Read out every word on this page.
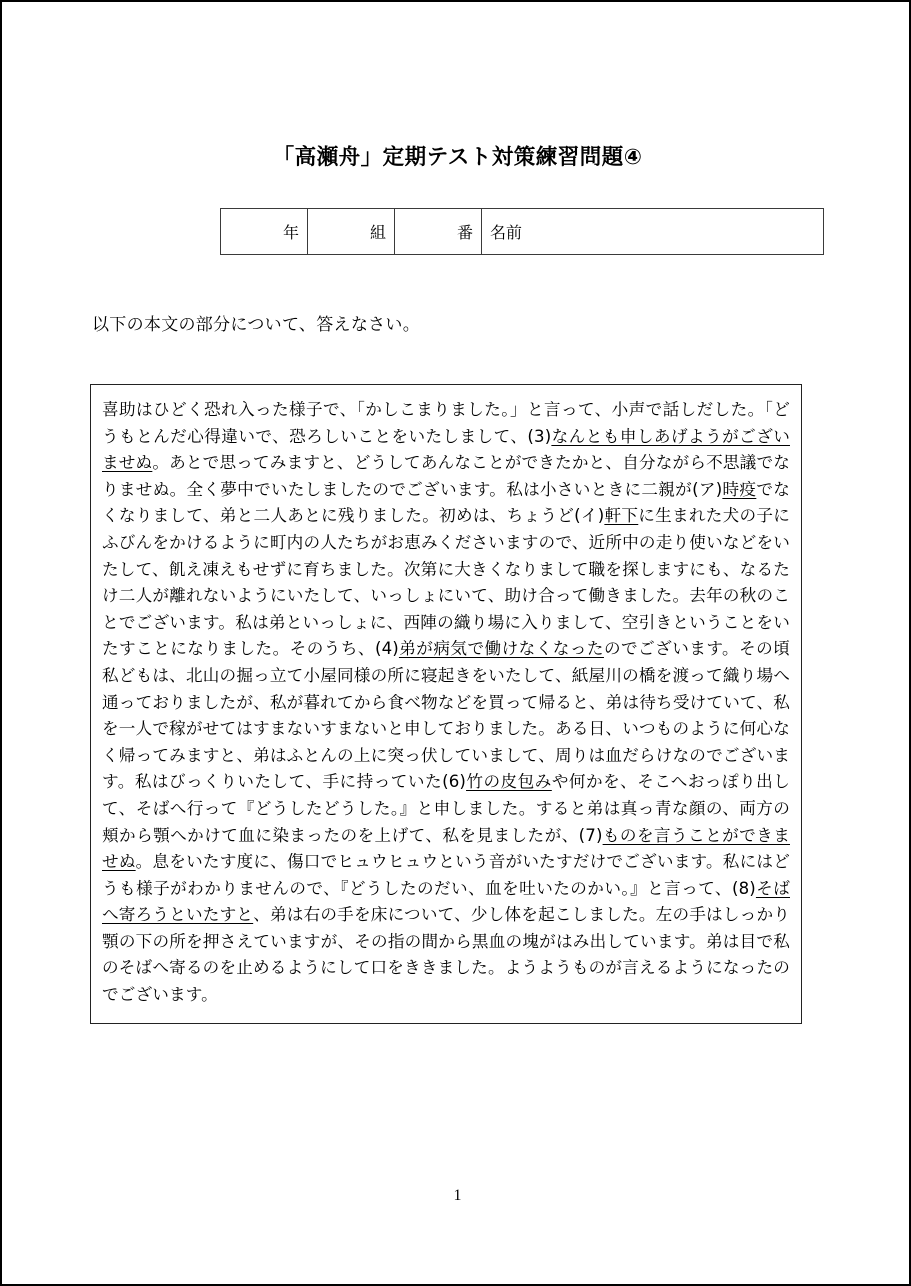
「高瀬舟」定期テスト対策練習問題④
年	組	番	名前
以下の本文の部分について、答えなさい。

喜助はひどく恐れ入った様子で、「かしこまりました。」と言って、小声で話しだした。「どうもとんだ心得違いで、恐ろしいことをいたしまして、(3)なんとも申しあげようがございませぬ。あとで思ってみますと、どうしてあんなことができたかと、自分ながら不思議でなりませぬ。全く夢中でいたしましたのでございます。私は小さいときに二親が(ア)時疫でなくなりまして、弟と二人あとに残りました。初めは、ちょうど(イ)軒下に生まれた犬の子にふびんをかけるように町内の人たちがお恵みくださいますので、近所中の走り使いなどをいたして、飢え凍えもせずに育ちました。次第に大きくなりまして職を探しますにも、なるたけ二人が離れないようにいたして、いっしょにいて、助け合って働きました。去年の秋のことでございます。私は弟といっしょに、西陣の織り場に入りまして、空引きということをいたすことになりました。そのうち、(4)弟が病気で働けなくなったのでございます。その頃私どもは、北山の掘っ立て小屋同様の所に寝起きをいたして、紙屋川の橋を渡って織り場へ通っておりましたが、私が暮れてから食べ物などを買って帰ると、弟は待ち受けていて、私を一人で稼がせてはすまないすまないと申しておりました。ある日、いつものように何心なく帰ってみますと、弟はふとんの上に突っ伏していまして、周りは血だらけなのでございます。私はびっくりいたして、手に持っていた(6)竹の皮包みや何かを、そこへおっぽり出して、そばへ行って『どうしたどうした。』と申しました。すると弟は真っ青な顔の、両方の頬から顎へかけて血に染まったのを上げて、私を見ましたが、(7)ものを言うことができませぬ。息をいたす度に、傷口でヒュウヒュウという音がいたすだけでございます。私にはどうも様子がわかりませんので、『どうしたのだい、血を吐いたのかい。』と言って、(8)そばへ寄ろうといたすと、弟は右の手を床について、少し体を起こしました。左の手はしっかり顎の下の所を押さえていますが、その指の間から黒血の塊がはみ出しています。弟は目で私のそばへ寄るのを止めるようにして口をききました。ようようものが言えるようになったのでございます。

1
